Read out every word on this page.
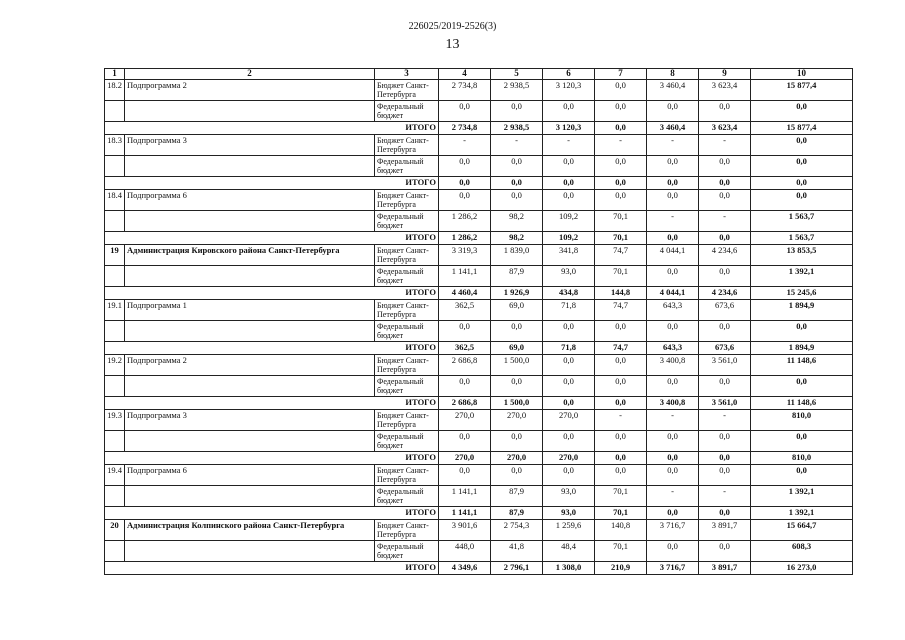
226025/2019-2526(3)
13
1	2	3	4	5	6	7	8	9	10
18.2	Подпрограмма 2	Бюджет Санкт-Петербурга	2 734,8	2 938,5	3 120,3	0,0	3 460,4	3 623,4	15 877,4
		Федеральный бюджет	0,0	0,0	0,0	0,0	0,0	0,0	0,0
ИТОГО			2 734,8	2 938,5	3 120,3	0,0	3 460,4	3 623,4	15 877,4
18.3	Подпрограмма 3	Бюджет Санкт-Петербурга	-	-	-	-	-	-	0,0
		Федеральный бюджет	0,0	0,0	0,0	0,0	0,0	0,0	0,0
ИТОГО			0,0	0,0	0,0	0,0	0,0	0,0	0,0
18.4	Подпрограмма 6	Бюджет Санкт-Петербурга	0,0	0,0	0,0	0,0	0,0	0,0	0,0
		Федеральный бюджет	1 286,2	98,2	109,2	70,1	-	-	1 563,7
ИТОГО			1 286,2	98,2	109,2	70,1	0,0	0,0	1 563,7
19	Администрация Кировского района Санкт-Петербурга	Бюджет Санкт-Петербурга	3 319,3	1 839,0	341,8	74,7	4 044,1	4 234,6	13 853,5
		Федеральный бюджет	1 141,1	87,9	93,0	70,1	0,0	0,0	1 392,1
ИТОГО			4 460,4	1 926,9	434,8	144,8	4 044,1	4 234,6	15 245,6
19.1	Подпрограмма 1	Бюджет Санкт-Петербурга	362,5	69,0	71,8	74,7	643,3	673,6	1 894,9
		Федеральный бюджет	0,0	0,0	0,0	0,0	0,0	0,0	0,0
ИТОГО			362,5	69,0	71,8	74,7	643,3	673,6	1 894,9
19.2	Подпрограмма 2	Бюджет Санкт-Петербурга	2 686,8	1 500,0	0,0	0,0	3 400,8	3 561,0	11 148,6
		Федеральный бюджет	0,0	0,0	0,0	0,0	0,0	0,0	0,0
ИТОГО			2 686,8	1 500,0	0,0	0,0	3 400,8	3 561,0	11 148,6
19.3	Подпрограмма 3	Бюджет Санкт-Петербурга	270,0	270,0	270,0	-	-	-	810,0
		Федеральный бюджет	0,0	0,0	0,0	0,0	0,0	0,0	0,0
ИТОГО			270,0	270,0	270,0	0,0	0,0	0,0	810,0
19.4	Подпрограмма 6	Бюджет Санкт-Петербурга	0,0	0,0	0,0	0,0	0,0	0,0	0,0
		Федеральный бюджет	1 141,1	87,9	93,0	70,1	-	-	1 392,1
ИТОГО			1 141,1	87,9	93,0	70,1	0,0	0,0	1 392,1
20	Администрация Колпинского района Санкт-Петербурга	Бюджет Санкт-Петербурга	3 901,6	2 754,3	1 259,6	140,8	3 716,7	3 891,7	15 664,7
		Федеральный бюджет	448,0	41,8	48,4	70,1	0,0	0,0	608,3
ИТОГО			4 349,6	2 796,1	1 308,0	210,9	3 716,7	3 891,7	16 273,0
